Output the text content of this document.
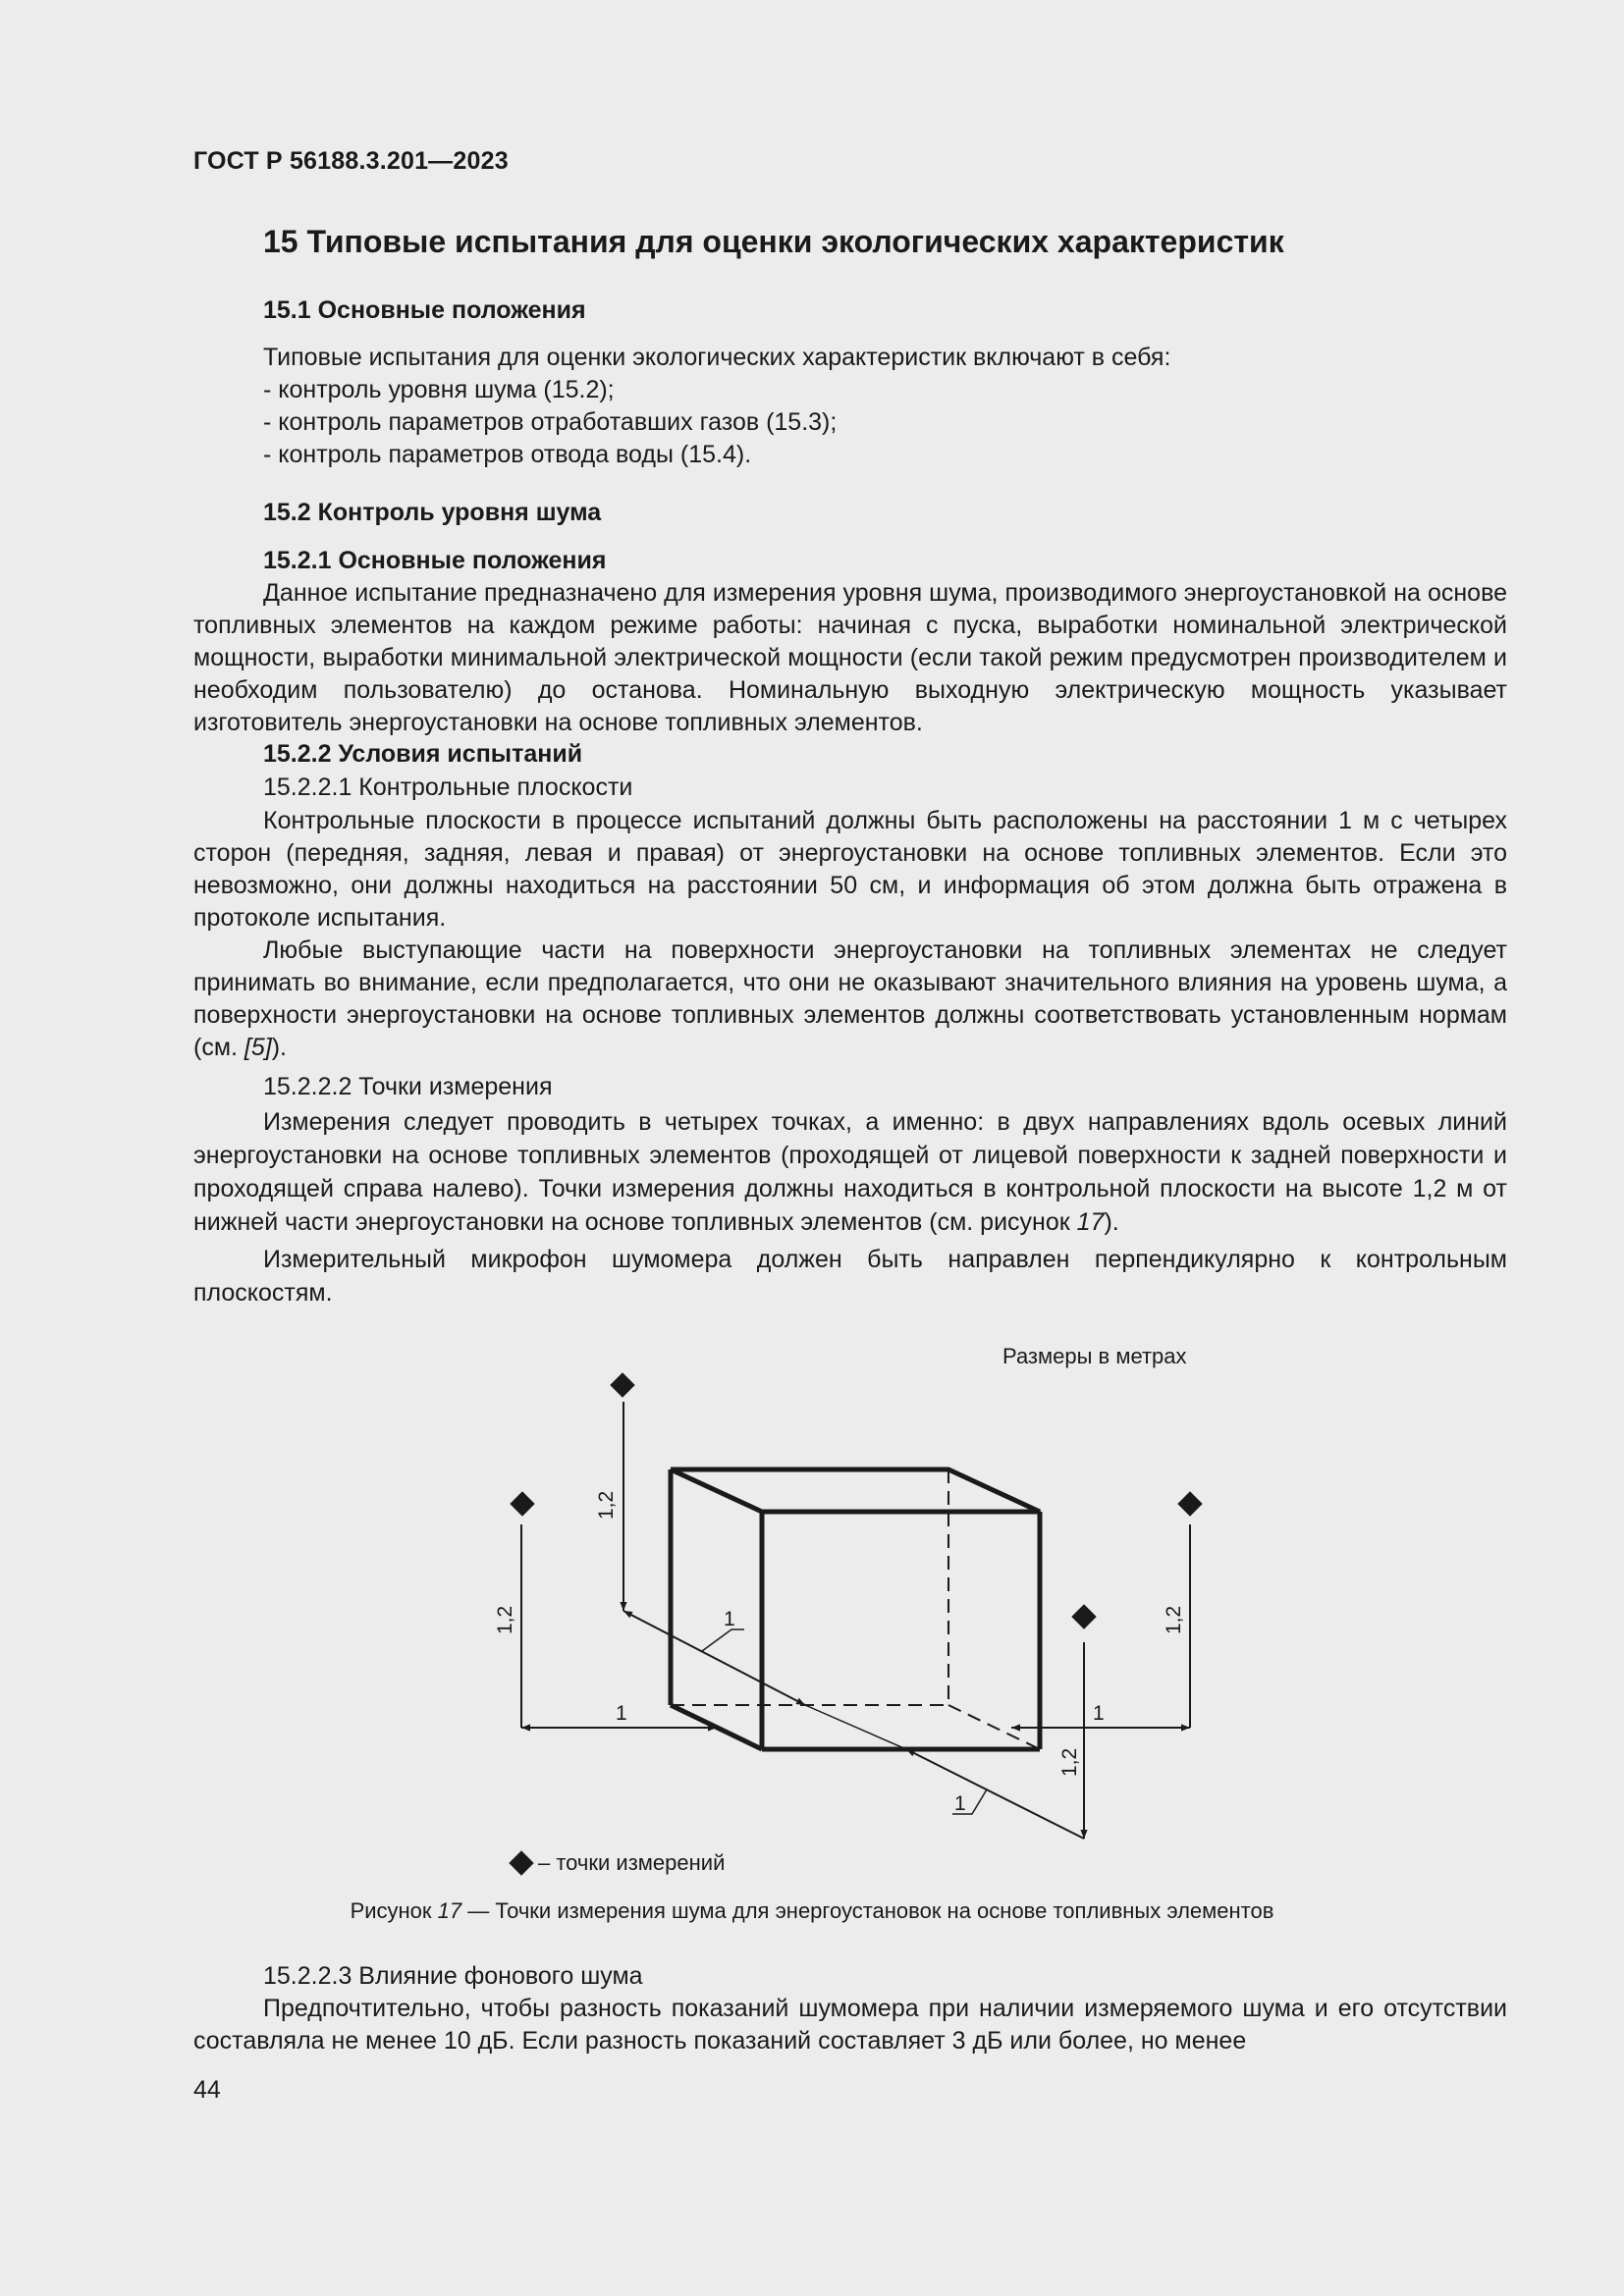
ГОСТ Р 56188.3.201—2023
15 Типовые испытания для оценки экологических характеристик
15.1 Основные положения
Типовые испытания для оценки экологических характеристик включают в себя:
- контроль уровня шума (15.2);
- контроль параметров отработавших газов (15.3);
- контроль параметров отвода воды (15.4).
15.2 Контроль уровня шума
15.2.1 Основные положения

Данное испытание предназначено для измерения уровня шума, производимого энергоустановкой на основе топливных элементов на каждом режиме работы: начиная с пуска, выработки номинальной электрической мощности, выработки минимальной электрической мощности (если такой режим предусмотрен производителем и необходим пользователю) до останова. Номинальную выходную электрическую мощность указывает изготовитель энергоустановки на основе топливных элементов.

15.2.2 Условия испытаний
15.2.2.1 Контрольные плоскости

Контрольные плоскости в процессе испытаний должны быть расположены на расстоянии 1 м с четырех сторон (передняя, задняя, левая и правая) от энергоустановки на основе топливных элементов. Если это невозможно, они должны находиться на расстоянии 50 см, и информация об этом должна быть отражена в протоколе испытания.

Любые выступающие части на поверхности энергоустановки на топливных элементах не следует принимать во внимание, если предполагается, что они не оказывают значительного влияния на уровень шума, а поверхности энергоустановки на основе топливных элементов должны соответствовать установленным нормам (см. [5]).

15.2.2.2 Точки измерения

Измерения следует проводить в четырех точках, а именно: в двух направлениях вдоль осевых линий энергоустановки на основе топливных элементов (проходящей от лицевой поверхности к задней поверхности и проходящей справа налево). Точки измерения должны находиться в контрольной плоскости на высоте 1,2 м от нижней части энергоустановки на основе топливных элементов (см. рисунок 17).

Измерительный микрофон шумомера должен быть направлен перпендикулярно к контрольным плоскостям.

Размеры в метрах
1,2
1,2	1,2
1,2
1	1
1
1
– точки измерений
Рисунок 17 — Точки измерения шума для энергоустановок на основе топливных элементов
15.2.2.3 Влияние фонового шума

Предпочтительно, чтобы разность показаний шумомера при наличии измеряемого шума и его отсутствии составляла не менее 10 дБ. Если разность показаний составляет 3 дБ или более, но менее

44
